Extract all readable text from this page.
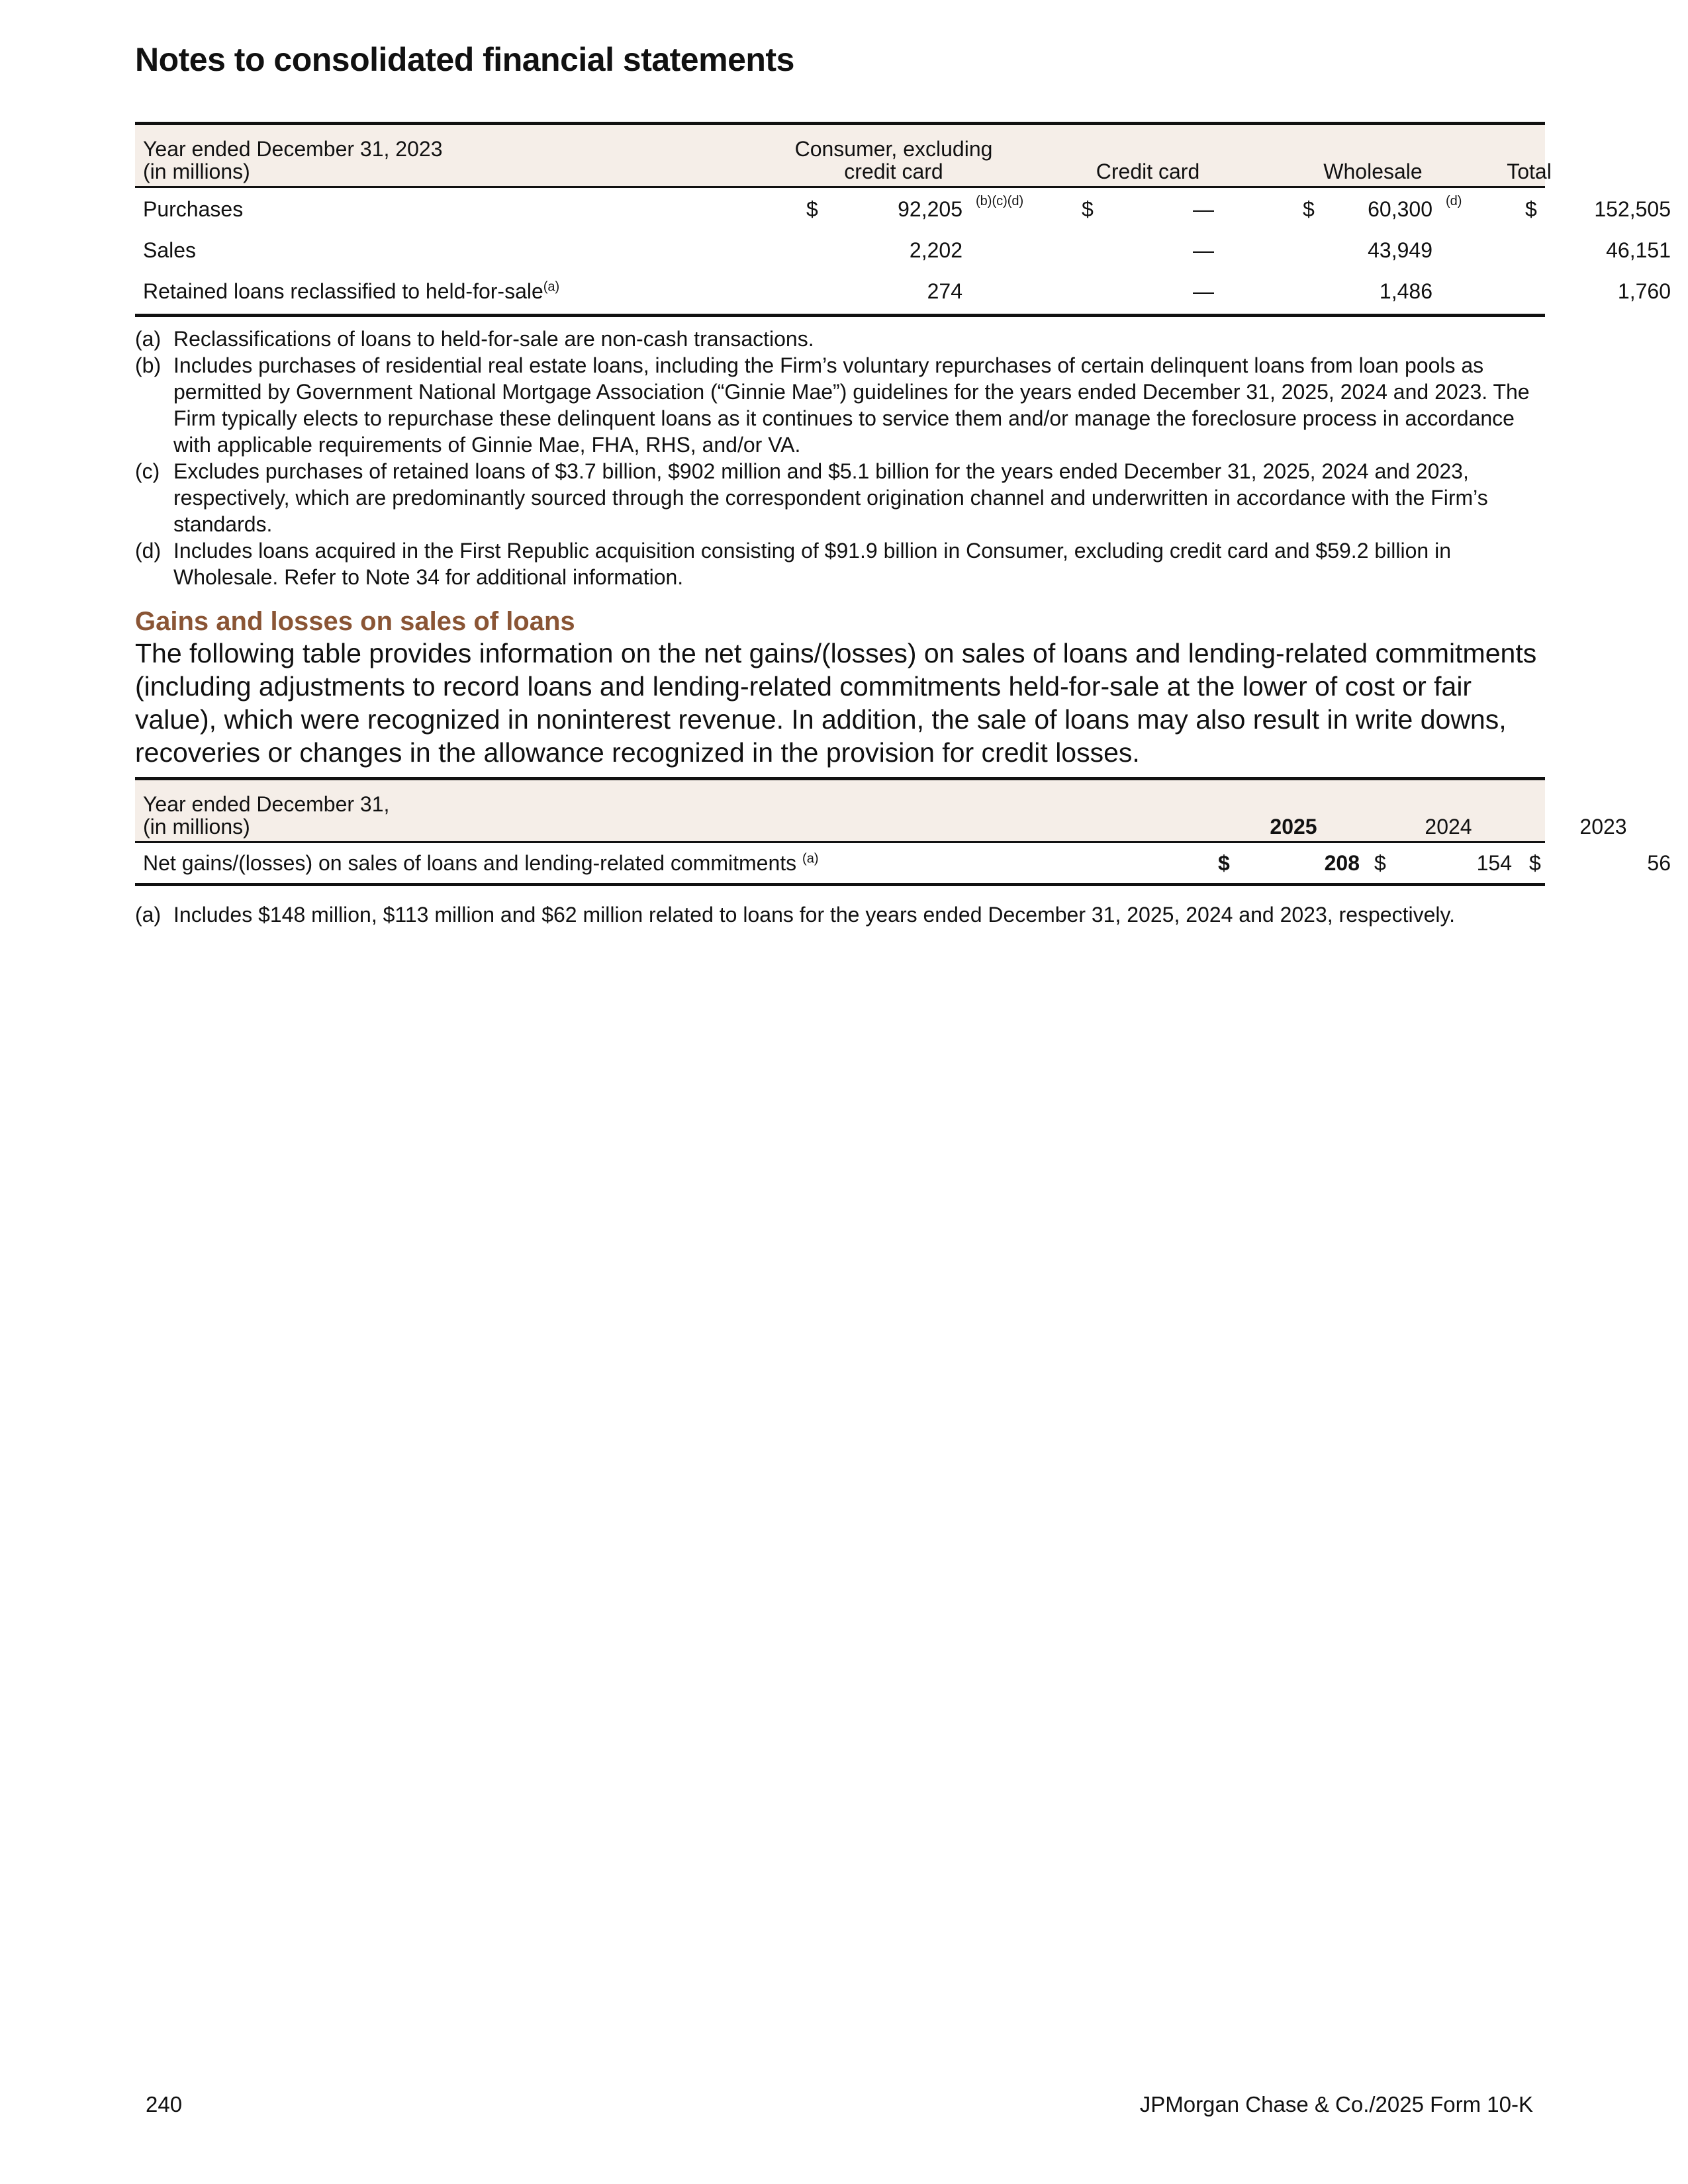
Notes to consolidated financial statements
Year ended December 31, 2023
(in millions)
Consumer, excluding
credit card	Credit card	Wholesale	Total
Purchases	$	92,205 (b)(c)(d)	$	—	$	60,300 (d)	$	152,505
Sales	2,202	—	43,949	46,151
Retained loans reclassified to held-for-sale$^{(a)}$	274	—	1,486	1,760
(a) Reclassifications of loans to held-for-sale are non-cash transactions.
(b) Includes purchases of residential real estate loans, including the Firm’s voluntary repurchases of certain delinquent loans from loan pools as permitted by Government National Mortgage Association (“Ginnie Mae”) guidelines for the years ended December 31, 2025, 2024 and 2023. The Firm typically elects to repurchase these delinquent loans as it continues to service them and/or manage the foreclosure process in accordance with applicable requirements of Ginnie Mae, FHA, RHS, and/or VA.
(c) Excludes purchases of retained loans of $3.7 billion, $902 million and $5.1 billion for the years ended December 31, 2025, 2024 and 2023, respectively, which are predominantly sourced through the correspondent origination channel and underwritten in accordance with the Firm’s standards.
(d) Includes loans acquired in the First Republic acquisition consisting of $91.9 billion in Consumer, excluding credit card and $59.2 billion in Wholesale. Refer to Note 34 for additional information.
Gains and losses on sales of loans

The following table provides information on the net gains/(losses) on sales of loans and lending-related commitments (including adjustments to record loans and lending-related commitments held-for-sale at the lower of cost or fair value), which were recognized in noninterest revenue. In addition, the sale of loans may also result in write downs, recoveries or changes in the allowance recognized in the provision for credit losses.

Year ended December 31,
(in millions)	2025	2024	2023
Net gains/(losses) on sales of loans and lending-related commitments $^{(a)}$	$	208 $	154 $	56
(a) Includes $148 million, $113 million and $62 million related to loans for the years ended December 31, 2025, 2024 and 2023, respectively.
240	JPMorgan Chase & Co./2025 Form 10-K
